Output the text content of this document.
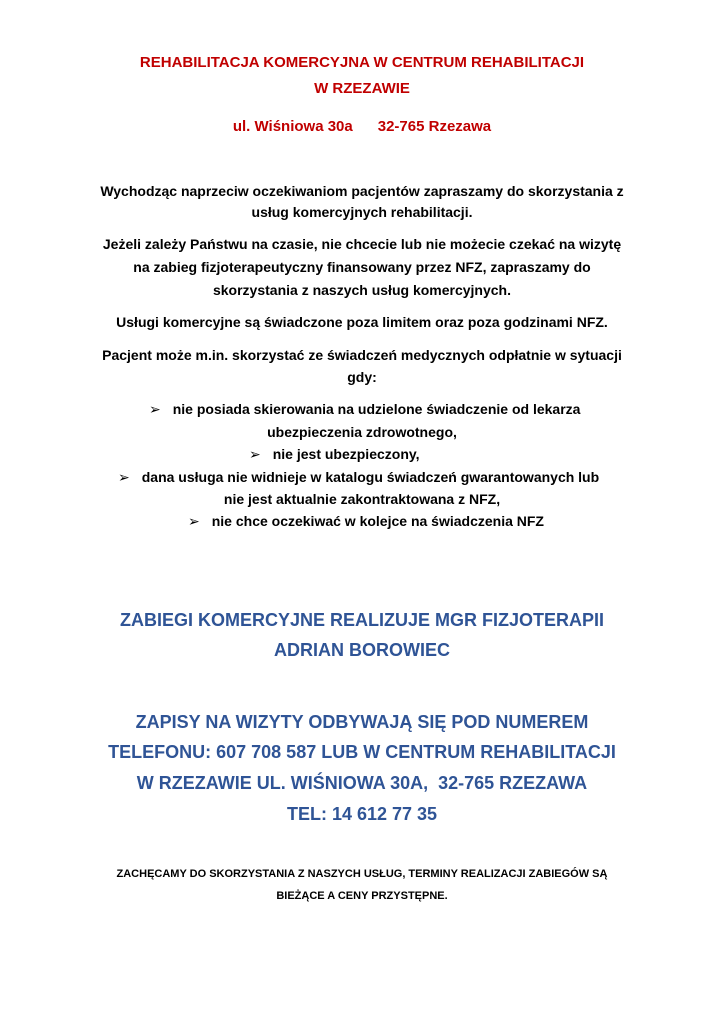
REHABILITACJA KOMERCYJNA W CENTRUM REHABILITACJI
W RZEZAWIE
ul. Wiśniowa 30a      32-765 Rzezawa
Wychodząc naprzeciw oczekiwaniom pacjentów zapraszamy do skorzystania z
usług komercyjnych rehabilitacji.
Jeżeli zależy Państwu na czasie, nie chcecie lub nie możecie czekać na wizytę
na zabieg fizjoterapeutyczny finansowany przez NFZ, zapraszamy do
skorzystania z naszych usług komercyjnych.
Usługi komercyjne są świadczone poza limitem oraz poza godzinami NFZ.
Pacjent może m.in. skorzystać ze świadczeń medycznych odpłatnie w sytuacji
gdy:
➢ nie posiada skierowania na udzielone świadczenie od lekarza
ubezpieczenia zdrowotnego,
➢ nie jest ubezpieczony,
➢ dana usługa nie widnieje w katalogu świadczeń gwarantowanych lub
nie jest aktualnie zakontraktowana z NFZ,
➢ nie chce oczekiwać w kolejce na świadczenia NFZ
ZABIEGI KOMERCYJNE REALIZUJE MGR FIZJOTERAPII
ADRIAN BOROWIEC
ZAPISY NA WIZYTY ODBYWAJĄ SIĘ POD NUMEREM
TELEFONU: 607 708 587 LUB W CENTRUM REHABILITACJI
W RZEZAWIE UL. WIŚNIOWA 30A,  32-765 RZEZAWA
TEL: 14 612 77 35
ZACHĘCAMY DO SKORZYSTANIA Z NASZYCH USŁUG, TERMINY REALIZACJI ZABIEGÓW SĄ
BIEŻĄCE A CENY PRZYSTĘPNE.
